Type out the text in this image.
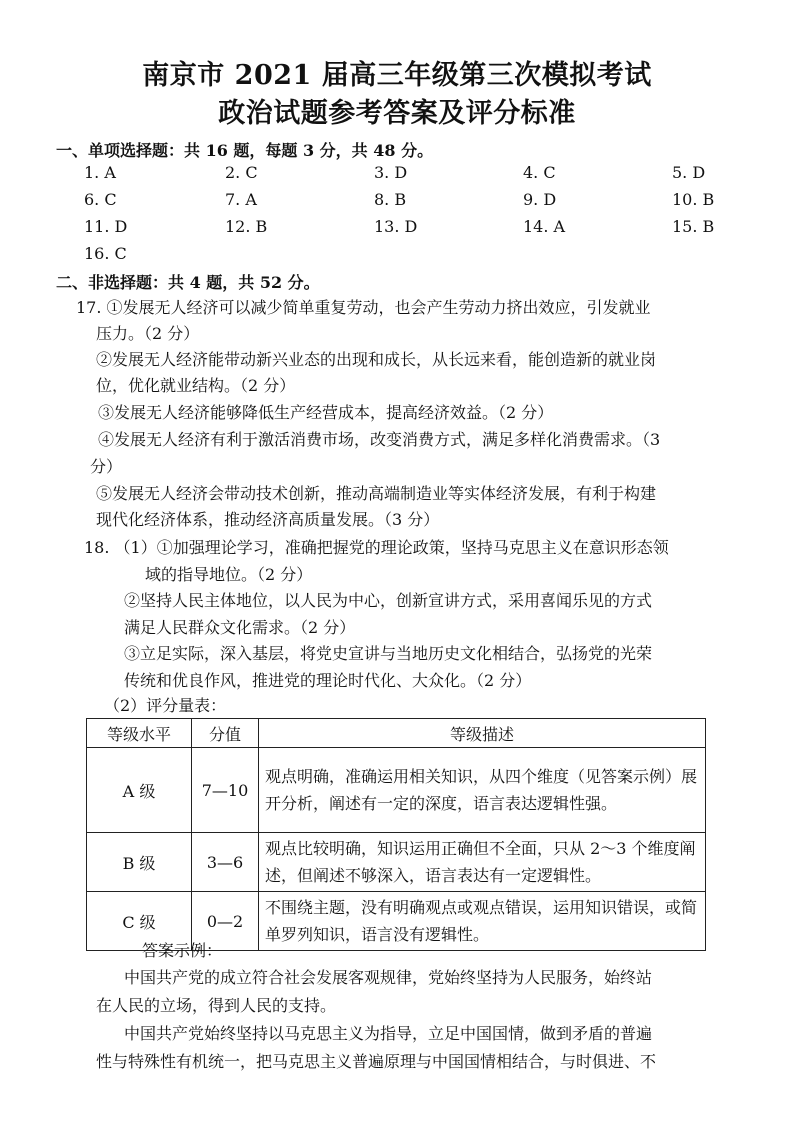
南京市 2021 届高三年级第三次模拟考试
政治试题参考答案及评分标准
一、单项选择题：共 16 题，每题 3 分，共 48 分。
1. A	2. C	3. D	4. C	5. D
6. C	7. A	8. B	9. D	10. B
11. D	12. B	13. D	14. A	15. B
16. C
二、非选择题：共 4 题，共 52 分。
17. ①发展无人经济可以减少简单重复劳动，也会产生劳动力挤出效应，引发就业
压力。（2 分）
②发展无人经济能带动新兴业态的出现和成长，从长远来看，能创造新的就业岗
位，优化就业结构。（2 分）
③发展无人经济能够降低生产经营成本，提高经济效益。（2 分）
④发展无人经济有利于激活消费市场，改变消费方式，满足多样化消费需求。（3
分）
⑤发展无人经济会带动技术创新，推动高端制造业等实体经济发展，有利于构建
现代化经济体系，推动经济高质量发展。（3 分）
18. （1）①加强理论学习，准确把握党的理论政策，坚持马克思主义在意识形态领
域的指导地位。（2 分）
②坚持人民主体地位，以人民为中心，创新宣讲方式，采用喜闻乐见的方式
满足人民群众文化需求。（2 分）
③立足实际，深入基层，将党史宣讲与当地历史文化相结合，弘扬党的光荣
传统和优良作风，推进党的理论时代化、大众化。（2 分）
（2）评分量表：
等级水平	分值	等级描述
A 级	7—10	观点明确，准确运用相关知识，从四个维度（见答案示例）展开分析，阐述有一定的深度，语言表达逻辑性强。
B 级	3—6	观点比较明确，知识运用正确但不全面，只从 2～3 个维度阐述，但阐述不够深入，语言表达有一定逻辑性。
C 级	0—2	不围绕主题，没有明确观点或观点错误，运用知识错误，或简单罗列知识，语言没有逻辑性。
答案示例：
中国共产党的成立符合社会发展客观规律，党始终坚持为人民服务，始终站
在人民的立场，得到人民的支持。
中国共产党始终坚持以马克思主义为指导，立足中国国情，做到矛盾的普遍
性与特殊性有机统一，把马克思主义普遍原理与中国国情相结合，与时俱进、不
